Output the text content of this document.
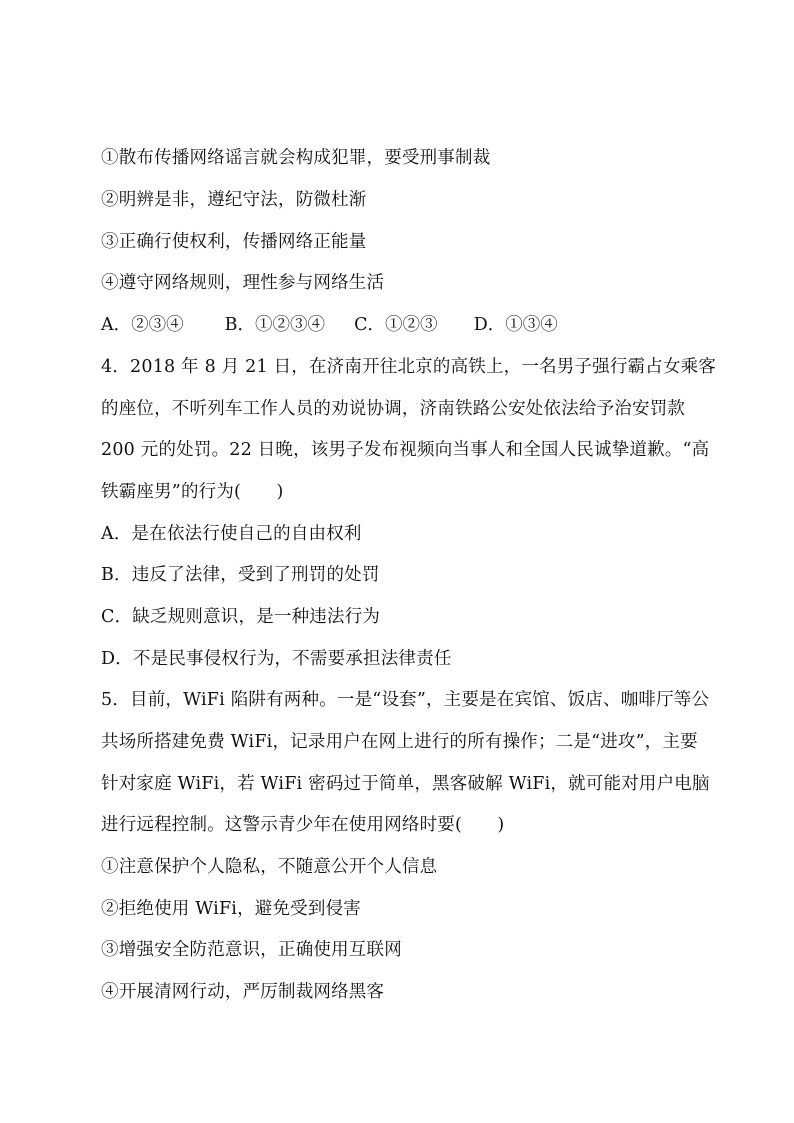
①散布传播网络谣言就会构成犯罪，要受刑事制裁
②明辨是非，遵纪守法，防微杜渐
③正确行使权利，传播网络正能量
④遵守网络规则，理性参与网络生活
A．②③④ B．①②③④ C．①②③ D．①③④
4．2018 年 8 月 21 日，在济南开往北京的高铁上，一名男子强行霸占女乘客
的座位，不听列车工作人员的劝说协调，济南铁路公安处依法给予治安罚款
200 元的处罚。22 日晚，该男子发布视频向当事人和全国人民诚挚道歉。“高
铁霸座男”的行为(　　)
A．是在依法行使自己的自由权利
B．违反了法律，受到了刑罚的处罚
C．缺乏规则意识，是一种违法行为
D．不是民事侵权行为，不需要承担法律责任
5．目前，WiFi 陷阱有两种。一是“设套”，主要是在宾馆、饭店、咖啡厅等公
共场所搭建免费 WiFi，记录用户在网上进行的所有操作；二是“进攻”，主要
针对家庭 WiFi，若 WiFi 密码过于简单，黑客破解 WiFi，就可能对用户电脑
进行远程控制。这警示青少年在使用网络时要(　　)
①注意保护个人隐私，不随意公开个人信息
②拒绝使用 WiFi，避免受到侵害
③增强安全防范意识，正确使用互联网
④开展清网行动，严厉制裁网络黑客
